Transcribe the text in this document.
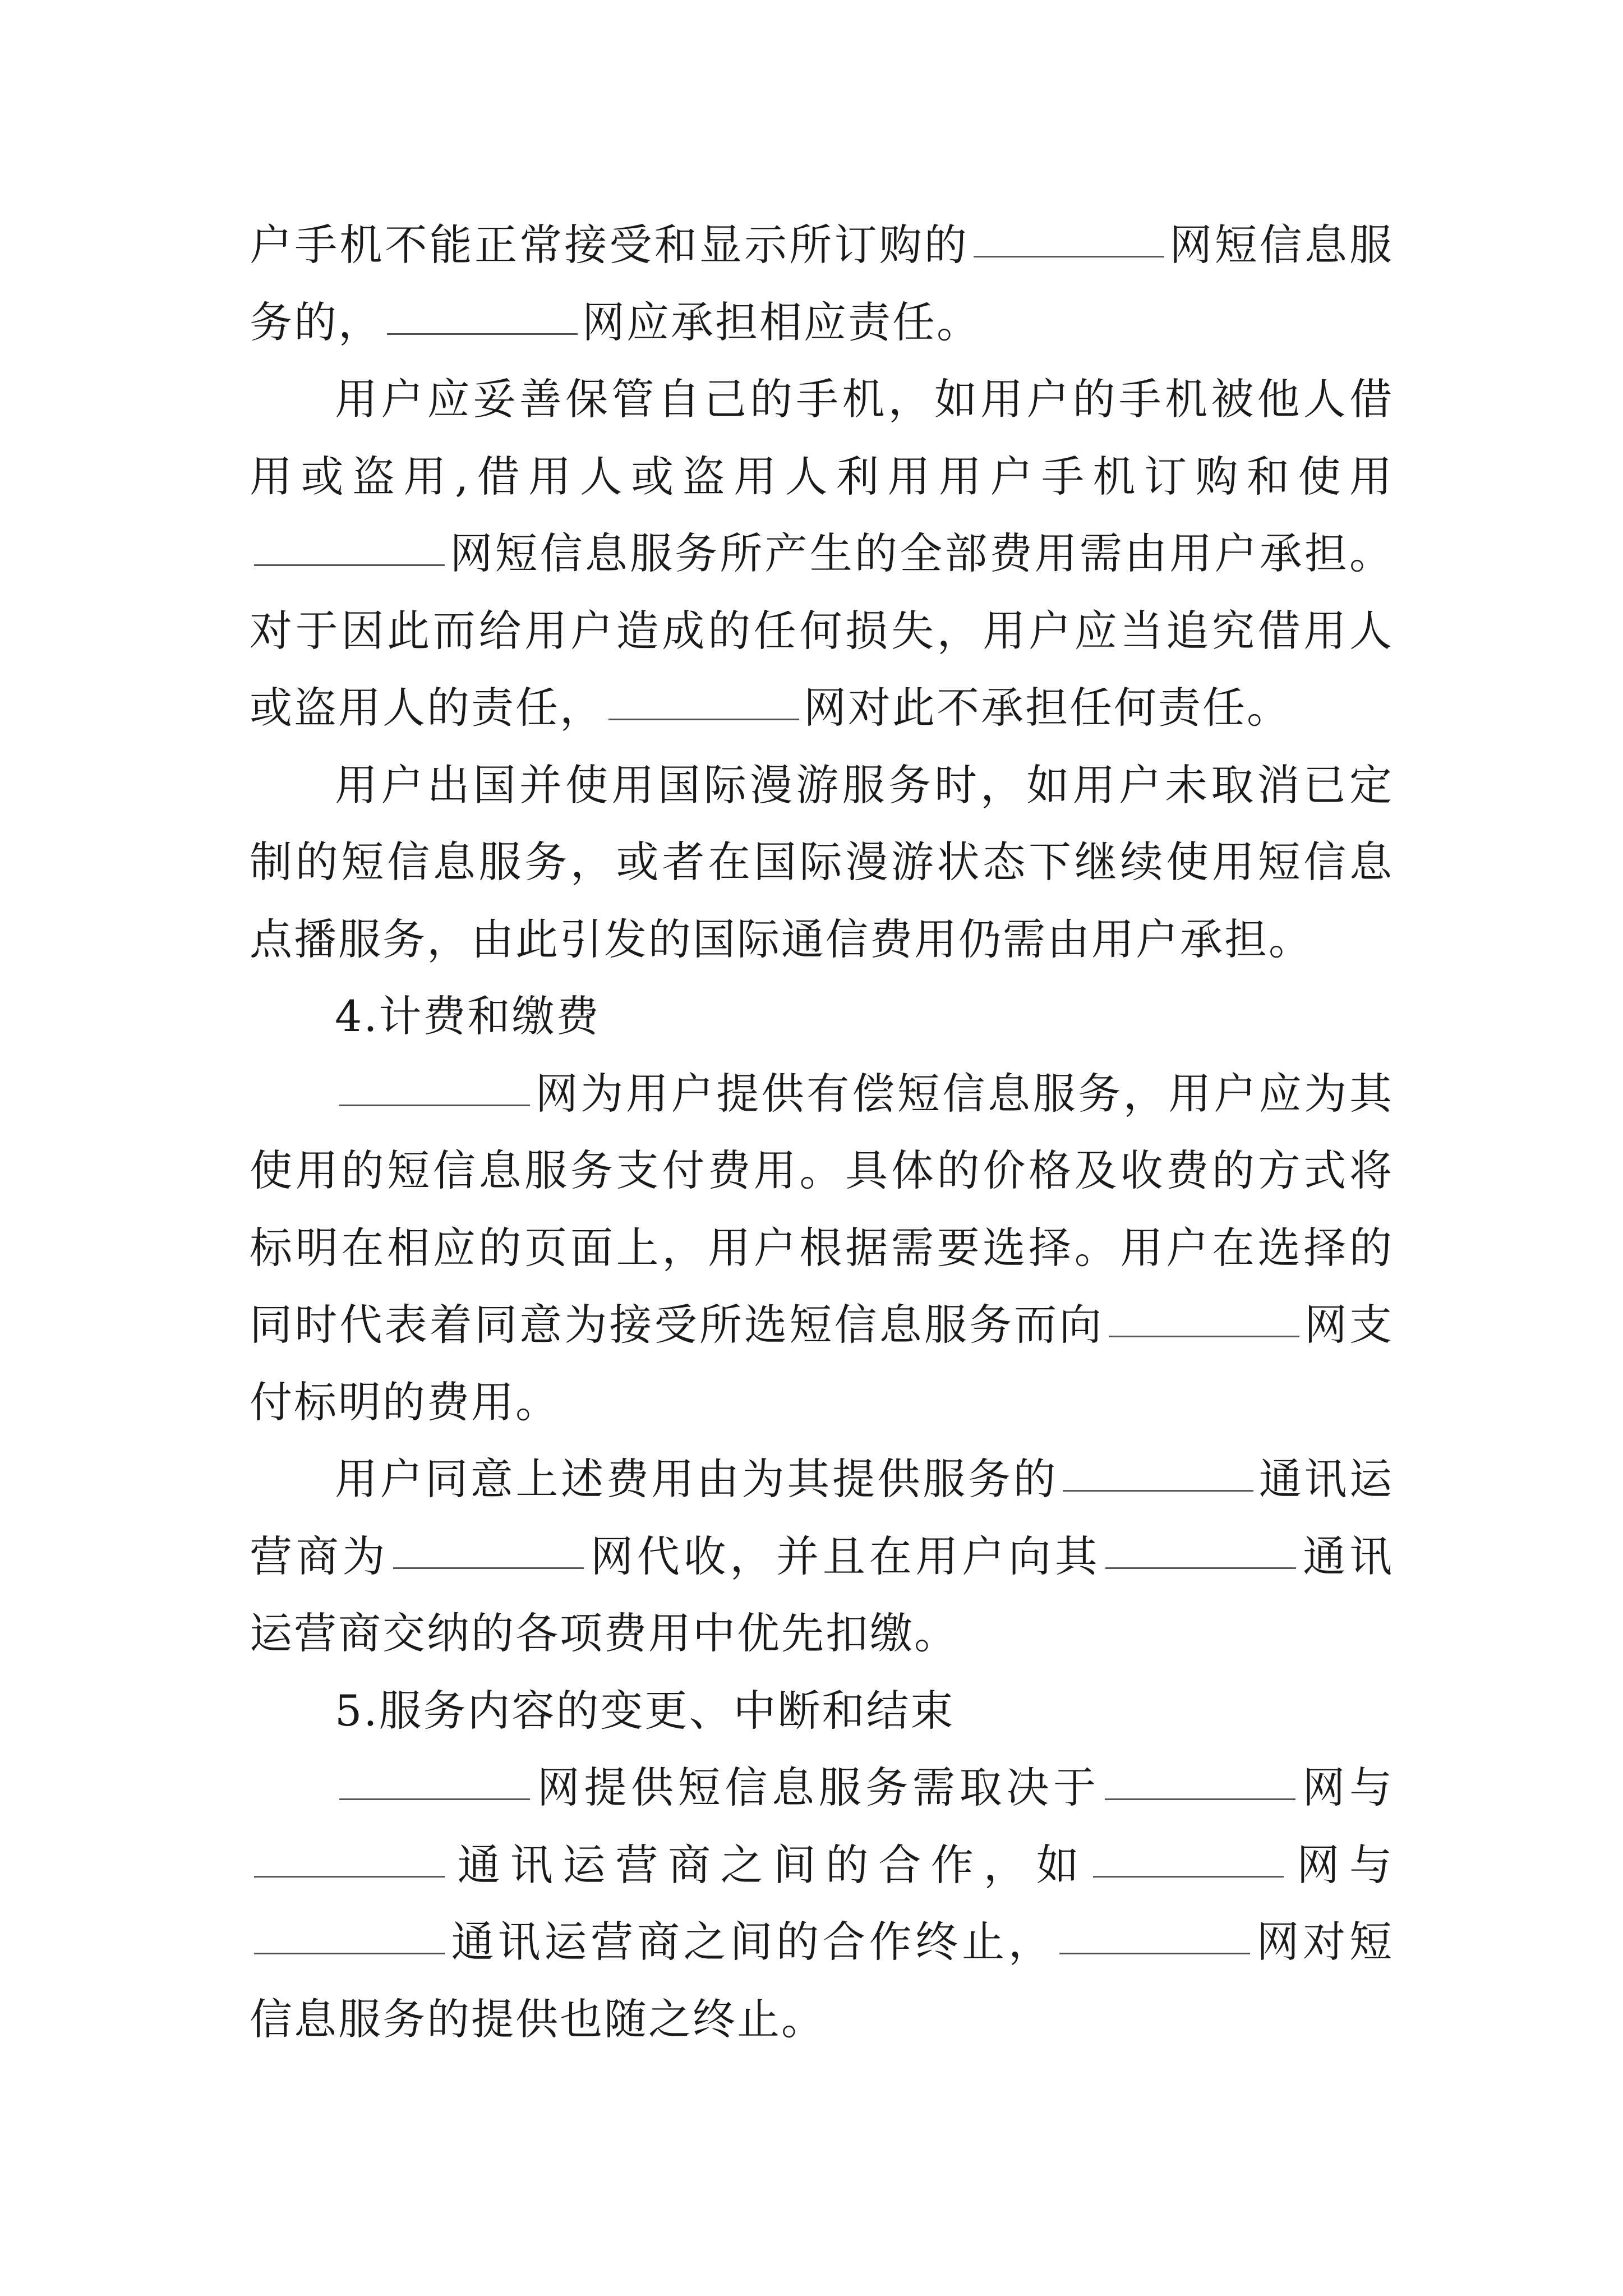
户手机不能正常接受和显示所订购的	网短信息服务的，	网应承担相应责任。

用户应妥善保管自己的手机，如用户的手机被他人借用或盗用,借用人或盗用人利用用户手机订购和使用网短信息服务所产生的全部费用需由用户承担。对于因此而给用户造成的任何损失，用户应当追究借用人或盗用人的责任，	网对此不承担任何责任。

用户出国并使用国际漫游服务时，如用户未取消已定制的短信息服务，或者在国际漫游状态下继续使用短信息点播服务，由此引发的国际通信费用仍需由用户承担。

4.计费和缴费

网为用户提供有偿短信息服务，用户应为其使用的短信息服务支付费用。具体的价格及收费的方式将标明在相应的页面上，用户根据需要选择。用户在选择的同时代表着同意为接受所选短信息服务而向	网支付标明的费用。

用户同意上述费用由为其提供服务的	通讯运营商为	网代收，并且在用户向其	通讯运营商交纳的各项费用中优先扣缴。

5.服务内容的变更、中断和结束

网提供短信息服务需取决于	网与通讯运营商之间的合作，如	网与通讯运营商之间的合作终止，	网对短信息服务的提供也随之终止。
